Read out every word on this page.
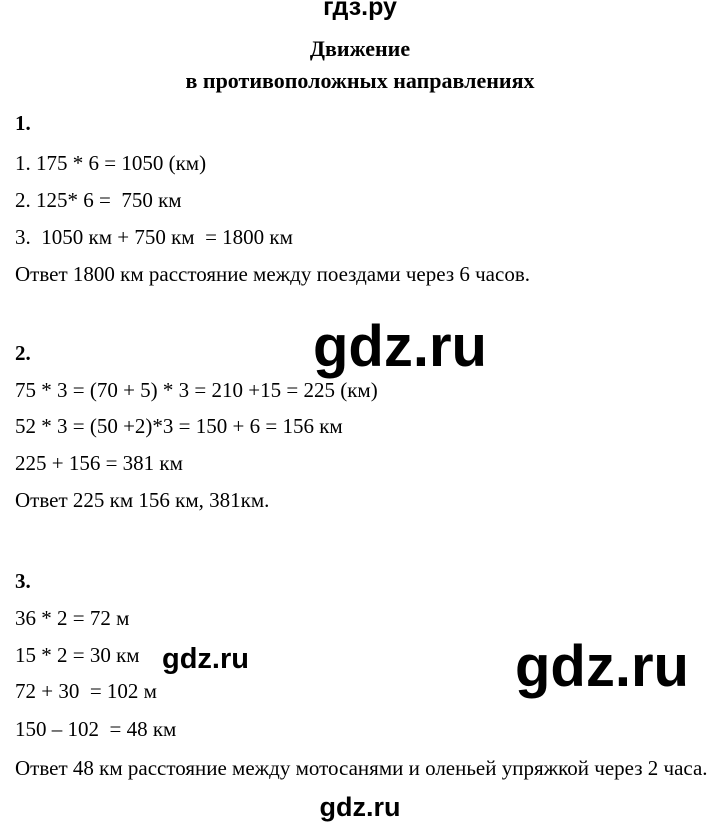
гдз.ру
Движение
в противоположных направлениях
1.
1. 175 * 6 = 1050 (км)
2. 125* 6 =  750 км
3.  1050 км + 750 км  = 1800 км
Ответ 1800 км расстояние между поездами через 6 часов.
gdz.ru
2.
75 * 3 = (70 + 5) * 3 = 210 +15 = 225 (км)
52 * 3 = (50 +2)*3 = 150 + 6 = 156 км
225 + 156 = 381 км
Ответ 225 км 156 км, 381км.
3.
36 * 2 = 72 м
15 * 2 = 30 км gdz.ru	gdz.ru
72 + 30  = 102 м
150 – 102  = 48 км
Ответ 48 км расстояние между мотосанями и оленьей упряжкой через 2 часа.
gdz.ru
